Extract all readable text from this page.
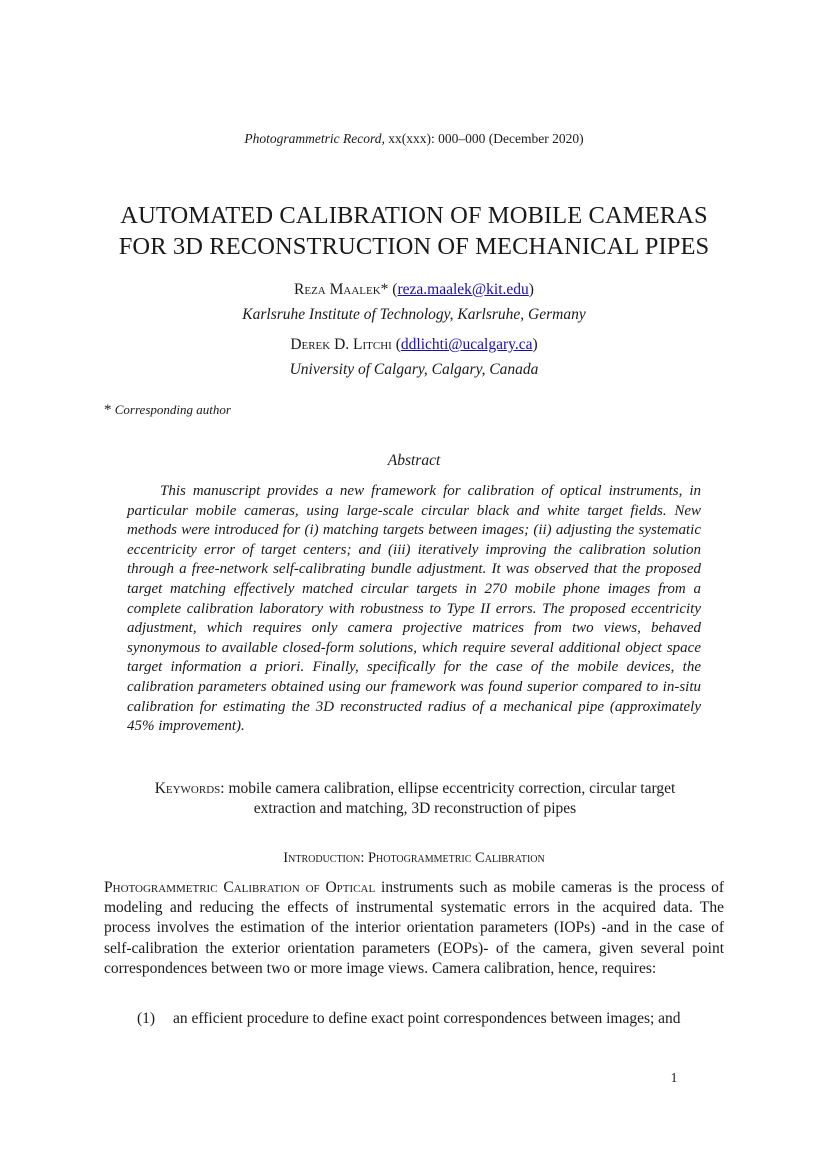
Photogrammetric Record, xx(xxx): 000–000 (December 2020)
AUTOMATED CALIBRATION OF MOBILE CAMERAS
FOR 3D RECONSTRUCTION OF MECHANICAL PIPES
Reza Maalek* (reza.maalek@kit.edu)
Karlsruhe Institute of Technology, Karlsruhe, Germany
Derek D. Litchi (ddlichti@ucalgary.ca)
University of Calgary, Calgary, Canada
* Corresponding author
Abstract

This manuscript provides a new framework for calibration of optical instruments, in particular mobile cameras, using large-scale circular black and white target fields. New methods were introduced for (i) matching targets between images; (ii) adjusting the systematic eccentricity error of target centers; and (iii) iteratively improving the calibration solution through a free-network self-calibrating bundle adjustment. It was observed that the proposed target matching effectively matched circular targets in 270 mobile phone images from a complete calibration laboratory with robustness to Type II errors. The proposed eccentricity adjustment, which requires only camera projective matrices from two views, behaved synonymous to available closed-form solutions, which require several additional object space target information a priori. Finally, specifically for the case of the mobile devices, the calibration parameters obtained using our framework was found superior compared to in-situ calibration for estimating the 3D reconstructed radius of a mechanical pipe (approximately 45% improvement).

Keywords: mobile camera calibration, ellipse eccentricity correction, circular target
extraction and matching, 3D reconstruction of pipes
Introduction: Photogrammetric Calibration

Photogrammetric Calibration of Optical instruments such as mobile cameras is the process of modeling and reducing the effects of instrumental systematic errors in the acquired data. The process involves the estimation of the interior orientation parameters (IOPs) -and in the case of self-calibration the exterior orientation parameters (EOPs)- of the camera, given several point correspondences between two or more image views. Camera calibration, hence, requires:

(1) an efficient procedure to define exact point correspondences between images; and
1
